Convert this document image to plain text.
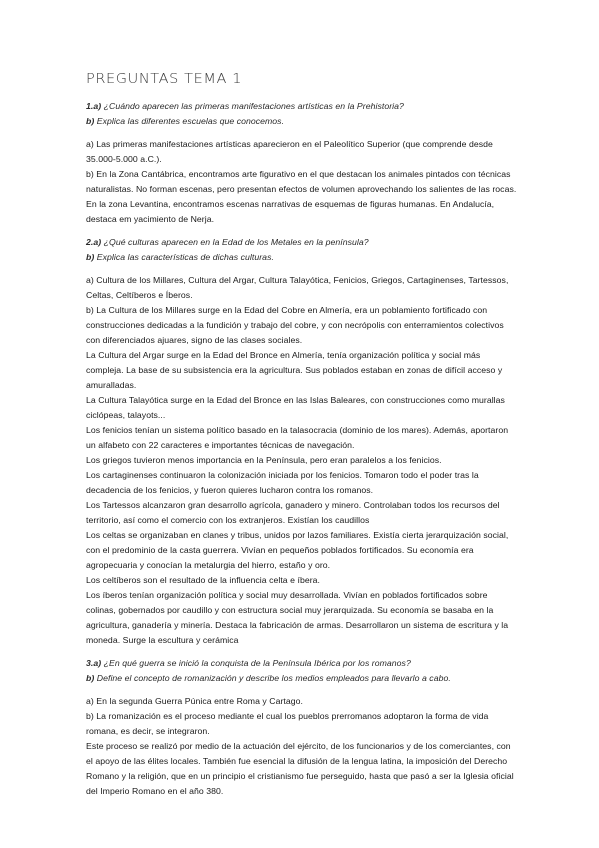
PREGUNTAS TEMA 1

1.a) ¿Cuándo aparecen las primeras manifestaciones artísticas en la Prehistoria?

b) Explica las diferentes escuelas que conocemos.

a) Las primeras manifestaciones artísticas aparecieron en el Paleolítico Superior (que comprende desde 35.000-5.000 a.C.).

b) En la Zona Cantábrica, encontramos arte figurativo en el que destacan los animales pintados con técnicas naturalistas. No forman escenas, pero presentan efectos de volumen aprovechando los salientes de las rocas.

En la zona Levantina, encontramos escenas narrativas de esquemas de figuras humanas. En Andalucía, destaca em yacimiento de Nerja.

2.a) ¿Qué culturas aparecen en la Edad de los Metales en la península?

b) Explica las características de dichas culturas.

a) Cultura de los Millares, Cultura del Argar, Cultura Talayótica, Fenicios, Griegos, Cartaginenses, Tartessos, Celtas, Celtíberos e Íberos.

b) La Cultura de los Millares surge en la Edad del Cobre en Almería, era un poblamiento fortificado con construcciones dedicadas a la fundición y trabajo del cobre, y con necrópolis con enterramientos colectivos con diferenciados ajuares, signo de las clases sociales.

La Cultura del Argar surge en la Edad del Bronce en Almería, tenía organización política y social más compleja. La base de su subsistencia era la agricultura. Sus poblados estaban en zonas de difícil acceso y amuralladas.

La Cultura Talayótica surge en la Edad del Bronce en las Islas Baleares, con construcciones como murallas ciclópeas, talayots...

Los fenicios tenían un sistema político basado en la talasocracia (dominio de los mares). Además, aportaron un alfabeto con 22 caracteres e importantes técnicas de navegación.

Los griegos tuvieron menos importancia en la Península, pero eran paralelos a los fenicios.

Los cartaginenses continuaron la colonización iniciada por los fenicios. Tomaron todo el poder tras la decadencia de los fenicios, y fueron quieres lucharon contra los romanos.

Los Tartessos alcanzaron gran desarrollo agrícola, ganadero y minero. Controlaban todos los recursos del territorio, así como el comercio con los extranjeros. Existían los caudillos

Los celtas se organizaban en clanes y tribus, unidos por lazos familiares. Existía cierta jerarquización social, con el predominio de la casta guerrera. Vivían en pequeños poblados fortificados. Su economía era agropecuaria y conocían la metalurgia del hierro, estaño y oro.

Los celtíberos son el resultado de la influencia celta e íbera.

Los íberos tenían organización política y social muy desarrollada. Vivían en poblados fortificados sobre colinas, gobernados por caudillo y con estructura social muy jerarquizada. Su economía se basaba en la agricultura, ganadería y minería. Destaca la fabricación de armas. Desarrollaron un sistema de escritura y la moneda. Surge la escultura y cerámica

3.a) ¿En qué guerra se inició la conquista de la Península Ibérica por los romanos?

b) Define el concepto de romanización y describe los medios empleados para llevarlo a cabo.

a) En la segunda Guerra Púnica entre Roma y Cartago.

b) La romanización es el proceso mediante el cual los pueblos prerromanos adoptaron la forma de vida romana, es decir, se integraron.

Este proceso se realizó por medio de la actuación del ejército, de los funcionarios y de los comerciantes, con el apoyo de las élites locales. También fue esencial la difusión de la lengua latina, la imposición del Derecho Romano y la religión, que en un principio el cristianismo fue perseguido, hasta que pasó a ser la Iglesia oficial del Imperio Romano en el año 380.
